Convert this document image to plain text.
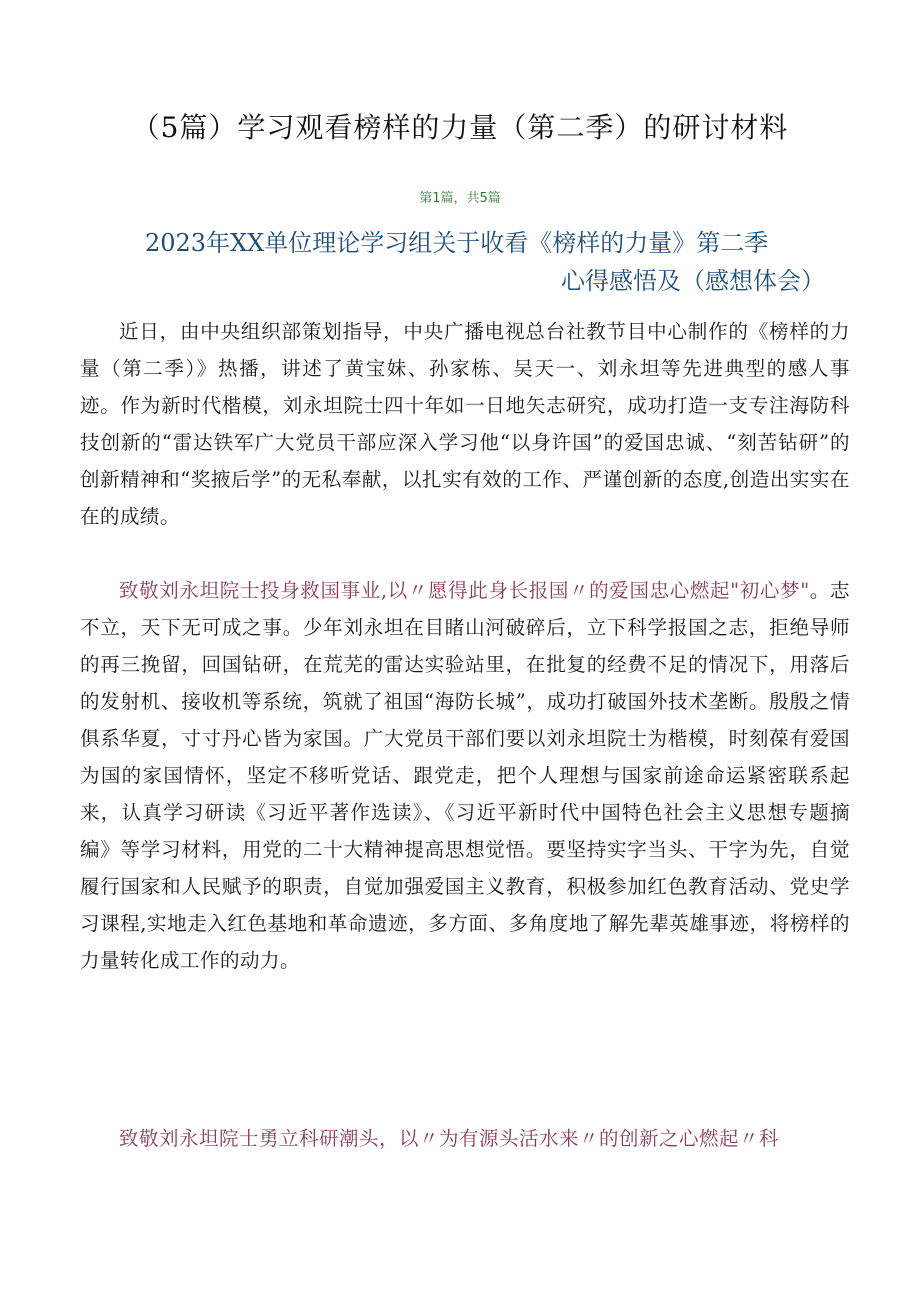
（5篇）学习观看榜样的力量（第二季）的研讨材料
第1篇，共5篇
2023年XX单位理论学习组关于收看《榜样的力量》第二季
心得感悟及（感想体会）

近日，由中央组织部策划指导，中央广播电视总台社教节目中心制作的《榜样的力量（第二季）》热播，讲述了黄宝妹、孙家栋、吴天一、刘永坦等先进典型的感人事迹。作为新时代楷模，刘永坦院士四十年如一日地矢志研究，成功打造一支专注海防科技创新的“雷达铁军广大党员干部应深入学习他“以身许国”的爱国忠诚、“刻苦钻研”的创新精神和“奖掖后学”的无私奉献，以扎实有效的工作、严谨创新的态度,创造出实实在在的成绩。

致敬刘永坦院士投身救国事业,以〃愿得此身长报国〃的爱国忠心燃起"初心梦"。志不立，天下无可成之事。少年刘永坦在目睹山河破碎后，立下科学报国之志，拒绝导师的再三挽留，回国钻研，在荒芜的雷达实验站里，在批复的经费不足的情况下，用落后的发射机、接收机等系统，筑就了祖国“海防长城”，成功打破国外技术垄断。殷殷之情俱系华夏，寸寸丹心皆为家国。广大党员干部们要以刘永坦院士为楷模，时刻葆有爱国为国的家国情怀，坚定不移听党话、跟党走，把个人理想与国家前途命运紧密联系起来，认真学习研读《习近平著作选读》、《习近平新时代中国特色社会主义思想专题摘编》等学习材料，用党的二十大精神提高思想觉悟。要坚持实字当头、干字为先，自觉履行国家和人民赋予的职责，自觉加强爱国主义教育，积极参加红色教育活动、党史学习课程,实地走入红色基地和革命遗迹，多方面、多角度地了解先辈英雄事迹，将榜样的力量转化成工作的动力。

致敬刘永坦院士勇立科研潮头，以〃为有源头活水来〃的创新之心燃起〃科
